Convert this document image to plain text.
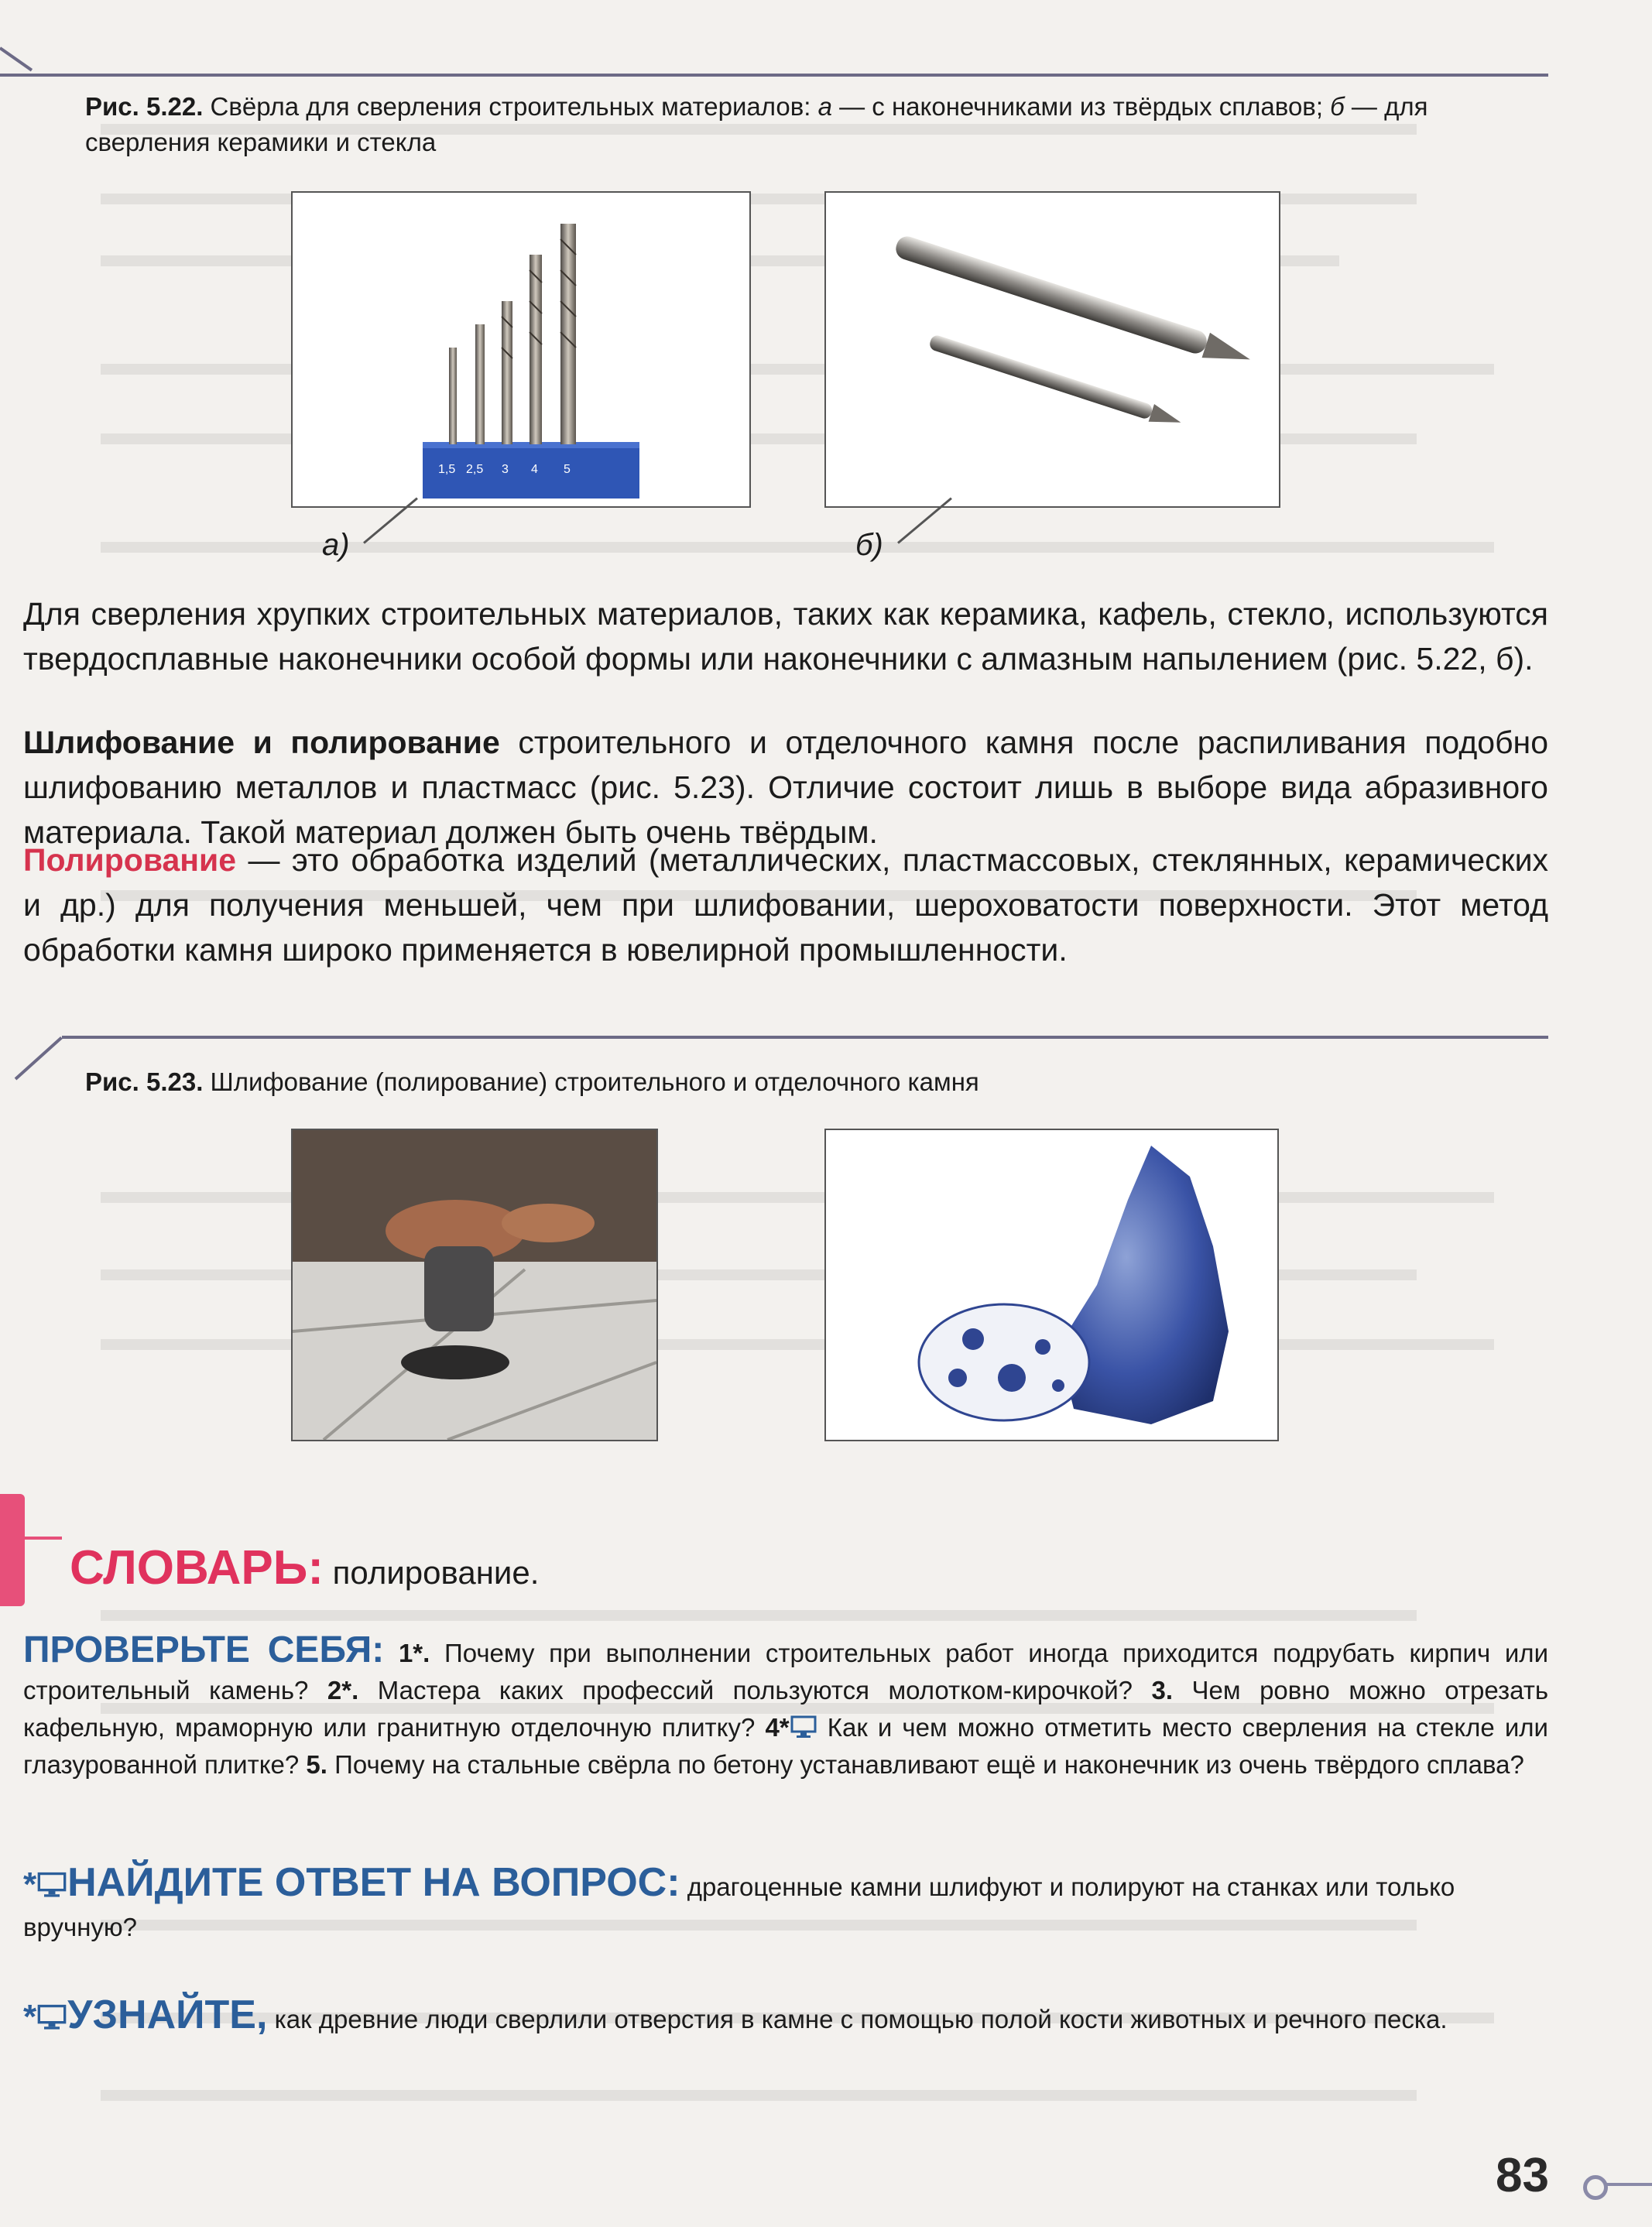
Рис. 5.22. Свёрла для сверления строительных материалов: а — с наконечниками из твёрдых сплавов; б — для сверления керамики и стекла
1,5 2,5 3 4 5
а)	б)
Для сверления хрупких строительных материалов, таких как керамика, кафель, стекло, используются твердосплавные наконечники особой формы или наконечники с алмазным напылением (рис. 5.22, б).
Шлифование и полирование строительного и отделочного камня после распиливания подобно шлифованию металлов и пластмасс (рис. 5.23). Отличие состоит лишь в выборе вида абразивного материала. Такой материал должен быть очень твёрдым.
Полирование — это обработка изделий (металлических, пластмассовых, стеклянных, керамических и др.) для получения меньшей, чем при шлифовании, шероховатости поверхности. Этот метод обработки камня широко применяется в ювелирной промышленности.
Рис. 5.23. Шлифование (полирование) строительного и отделочного камня
СЛОВАРЬ: полирование.
ПРОВЕРЬТЕ СЕБЯ: 1*. Почему при выполнении строительных работ иногда приходится подрубать кирпич или строительный камень? 2*. Мастера каких профессий пользуются молотком-кирочкой? 3. Чем ровно можно отрезать кафельную, мраморную или гранитную отделочную плитку? 4* Как и чем можно отметить место сверления на стекле или глазурованной плитке? 5. Почему на стальные свёрла по бетону устанавливают ещё и наконечник из очень твёрдого сплава?
* НАЙДИТЕ ОТВЕТ НА ВОПРОС: драгоценные камни шлифуют и полируют на станках или только вручную?
* УЗНАЙТЕ, как древние люди сверлили отверстия в камне с помощью полой кости животных и речного песка.
83
